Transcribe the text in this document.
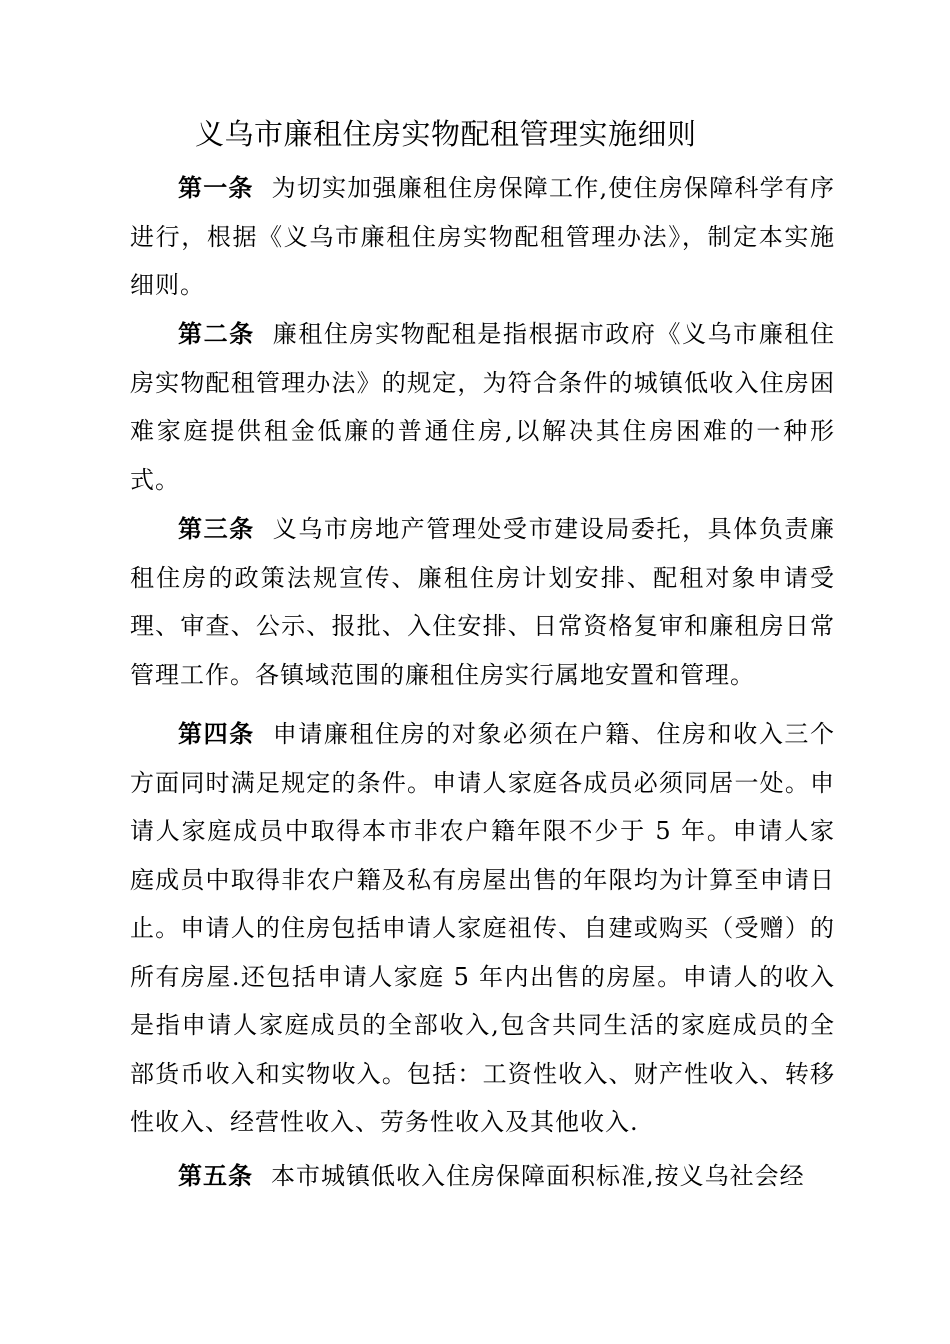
义乌市廉租住房实物配租管理实施细则

第一条 为切实加强廉租住房保障工作,使住房保障科学有序进行，根据《义乌市廉租住房实物配租管理办法》，制定本实施细则。

第二条 廉租住房实物配租是指根据市政府《义乌市廉租住房实物配租管理办法》的规定，为符合条件的城镇低收入住房困难家庭提供租金低廉的普通住房,以解决其住房困难的一种形式。

第三条 义乌市房地产管理处受市建设局委托，具体负责廉租住房的政策法规宣传、廉租住房计划安排、配租对象申请受理、审查、公示、报批、入住安排、日常资格复审和廉租房日常管理工作。各镇域范围的廉租住房实行属地安置和管理。

第四条 申请廉租住房的对象必须在户籍、住房和收入三个方面同时满足规定的条件。申请人家庭各成员必须同居一处。申请人家庭成员中取得本市非农户籍年限不少于 5 年。申请人家庭成员中取得非农户籍及私有房屋出售的年限均为计算至申请日止。申请人的住房包括申请人家庭祖传、自建或购买（受赠）的所有房屋.还包括申请人家庭 5 年内出售的房屋。申请人的收入是指申请人家庭成员的全部收入,包含共同生活的家庭成员的全部货币收入和实物收入。包括：工资性收入、财产性收入、转移性收入、经营性收入、劳务性收入及其他收入.

第五条 本市城镇低收入住房保障面积标准,按义乌社会经
